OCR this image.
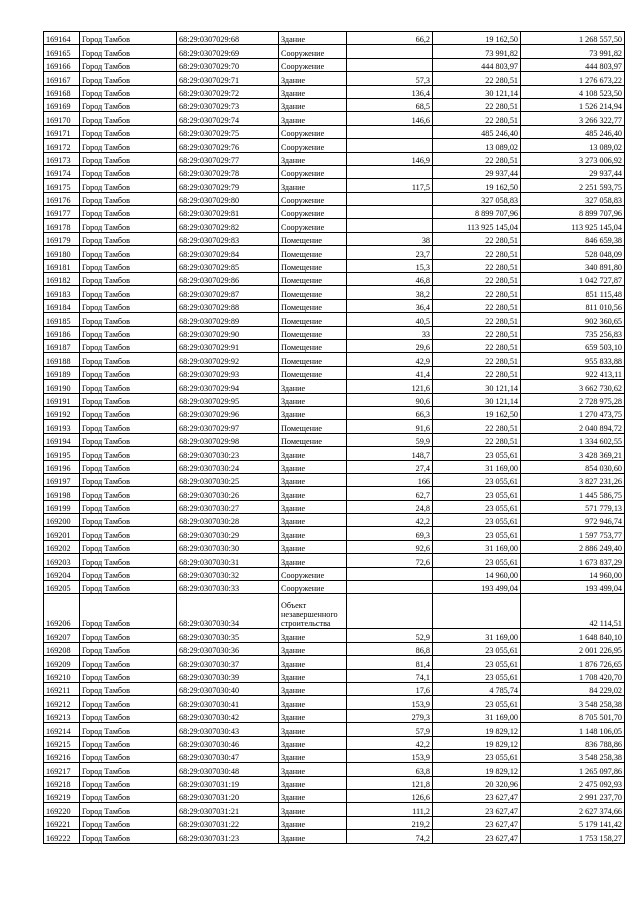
169164	Город Тамбов	68:29:0307029:68	Здание	66,2	19 162,50	1 268 557,50
169165	Город Тамбов	68:29:0307029:69	Сооружение		73 991,82	73 991,82
169166	Город Тамбов	68:29:0307029:70	Сооружение		444 803,97	444 803,97
169167	Город Тамбов	68:29:0307029:71	Здание	57,3	22 280,51	1 276 673,22
169168	Город Тамбов	68:29:0307029:72	Здание	136,4	30 121,14	4 108 523,50
169169	Город Тамбов	68:29:0307029:73	Здание	68,5	22 280,51	1 526 214,94
169170	Город Тамбов	68:29:0307029:74	Здание	146,6	22 280,51	3 266 322,77
169171	Город Тамбов	68:29:0307029:75	Сооружение		485 246,40	485 246,40
169172	Город Тамбов	68:29:0307029:76	Сооружение		13 089,02	13 089,02
169173	Город Тамбов	68:29:0307029:77	Здание	146,9	22 280,51	3 273 006,92
169174	Город Тамбов	68:29:0307029:78	Сооружение		29 937,44	29 937,44
169175	Город Тамбов	68:29:0307029:79	Здание	117,5	19 162,50	2 251 593,75
169176	Город Тамбов	68:29:0307029:80	Сооружение		327 058,83	327 058,83
169177	Город Тамбов	68:29:0307029:81	Сооружение		8 899 707,96	8 899 707,96
169178	Город Тамбов	68:29:0307029:82	Сооружение		113 925 145,04	113 925 145,04
169179	Город Тамбов	68:29:0307029:83	Помещение	38	22 280,51	846 659,38
169180	Город Тамбов	68:29:0307029:84	Помещение	23,7	22 280,51	528 048,09
169181	Город Тамбов	68:29:0307029:85	Помещение	15,3	22 280,51	340 891,80
169182	Город Тамбов	68:29:0307029:86	Помещение	46,8	22 280,51	1 042 727,87
169183	Город Тамбов	68:29:0307029:87	Помещение	38,2	22 280,51	851 115,48
169184	Город Тамбов	68:29:0307029:88	Помещение	36,4	22 280,51	811 010,56
169185	Город Тамбов	68:29:0307029:89	Помещение	40,5	22 280,51	902 360,65
169186	Город Тамбов	68:29:0307029:90	Помещение	33	22 280,51	735 256,83
169187	Город Тамбов	68:29:0307029:91	Помещение	29,6	22 280,51	659 503,10
169188	Город Тамбов	68:29:0307029:92	Помещение	42,9	22 280,51	955 833,88
169189	Город Тамбов	68:29:0307029:93	Помещение	41,4	22 280,51	922 413,11
169190	Город Тамбов	68:29:0307029:94	Здание	121,6	30 121,14	3 662 730,62
169191	Город Тамбов	68:29:0307029:95	Здание	90,6	30 121,14	2 728 975,28
169192	Город Тамбов	68:29:0307029:96	Здание	66,3	19 162,50	1 270 473,75
169193	Город Тамбов	68:29:0307029:97	Помещение	91,6	22 280,51	2 040 894,72
169194	Город Тамбов	68:29:0307029:98	Помещение	59,9	22 280,51	1 334 602,55
169195	Город Тамбов	68:29:0307030:23	Здание	148,7	23 055,61	3 428 369,21
169196	Город Тамбов	68:29:0307030:24	Здание	27,4	31 169,00	854 030,60
169197	Город Тамбов	68:29:0307030:25	Здание	166	23 055,61	3 827 231,26
169198	Город Тамбов	68:29:0307030:26	Здание	62,7	23 055,61	1 445 586,75
169199	Город Тамбов	68:29:0307030:27	Здание	24,8	23 055,61	571 779,13
169200	Город Тамбов	68:29:0307030:28	Здание	42,2	23 055,61	972 946,74
169201	Город Тамбов	68:29:0307030:29	Здание	69,3	23 055,61	1 597 753,77
169202	Город Тамбов	68:29:0307030:30	Здание	92,6	31 169,00	2 886 249,40
169203	Город Тамбов	68:29:0307030:31	Здание	72,6	23 055,61	1 673 837,29
169204	Город Тамбов	68:29:0307030:32	Сооружение		14 960,00	14 960,00
169205	Город Тамбов	68:29:0307030:33	Сооружение		193 499,04	193 499,04
169206	Город Тамбов	68:29:0307030:34	Объект незавершенного строительства			42 114,51
169207	Город Тамбов	68:29:0307030:35	Здание	52,9	31 169,00	1 648 840,10
169208	Город Тамбов	68:29:0307030:36	Здание	86,8	23 055,61	2 001 226,95
169209	Город Тамбов	68:29:0307030:37	Здание	81,4	23 055,61	1 876 726,65
169210	Город Тамбов	68:29:0307030:39	Здание	74,1	23 055,61	1 708 420,70
169211	Город Тамбов	68:29:0307030:40	Здание	17,6	4 785,74	84 229,02
169212	Город Тамбов	68:29:0307030:41	Здание	153,9	23 055,61	3 548 258,38
169213	Город Тамбов	68:29:0307030:42	Здание	279,3	31 169,00	8 705 501,70
169214	Город Тамбов	68:29:0307030:43	Здание	57,9	19 829,12	1 148 106,05
169215	Город Тамбов	68:29:0307030:46	Здание	42,2	19 829,12	836 788,86
169216	Город Тамбов	68:29:0307030:47	Здание	153,9	23 055,61	3 548 258,38
169217	Город Тамбов	68:29:0307030:48	Здание	63,8	19 829,12	1 265 097,86
169218	Город Тамбов	68:29:0307031:19	Здание	121,8	20 320,96	2 475 092,93
169219	Город Тамбов	68:29:0307031:20	Здание	126,6	23 627,47	2 991 237,70
169220	Город Тамбов	68:29:0307031:21	Здание	111,2	23 627,47	2 627 374,66
169221	Город Тамбов	68:29:0307031:22	Здание	219,2	23 627,47	5 179 141,42
169222	Город Тамбов	68:29:0307031:23	Здание	74,2	23 627,47	1 753 158,27
